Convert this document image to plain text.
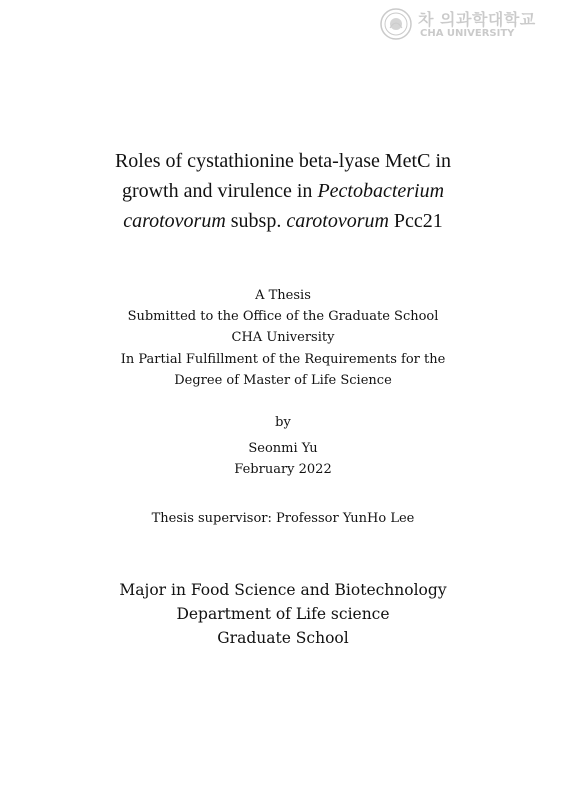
차 의과학대학교
CHA UNIVERSITY
Roles of cystathionine beta-lyase MetC in
growth and virulence in Pectobacterium
carotovorum subsp. carotovorum Pcc21
A Thesis
Submitted to the Office of the Graduate School
CHA University
In Partial Fulfillment of the Requirements for the
Degree of Master of Life Science
by
Seonmi Yu
February 2022
Thesis supervisor: Professor YunHo Lee
Major in Food Science and Biotechnology
Department of Life science
Graduate School
